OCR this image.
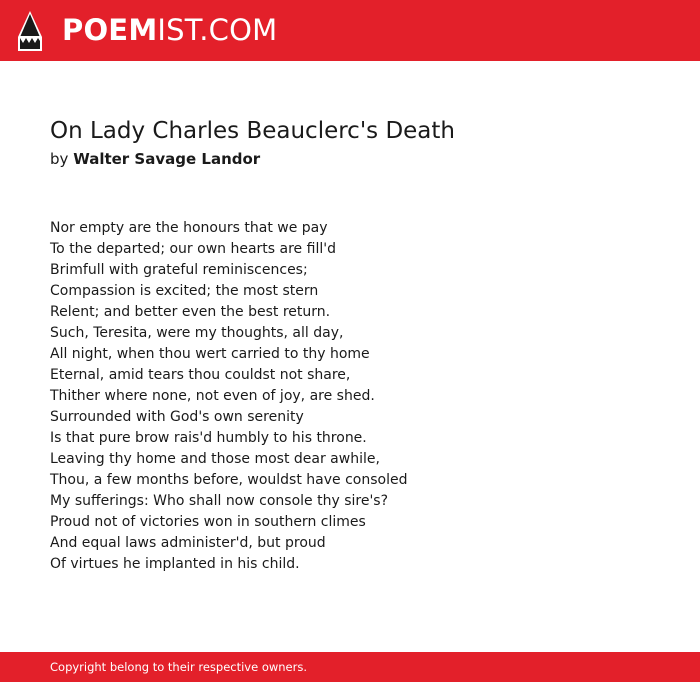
POEMIST.COM
On Lady Charles Beauclerc's Death
by Walter Savage Landor
Nor empty are the honours that we pay
To the departed; our own hearts are fill'd
Brimfull with grateful reminiscences;
Compassion is excited; the most stern
Relent; and better even the best return.
Such, Teresita, were my thoughts, all day,
All night, when thou wert carried to thy home
Eternal, amid tears thou couldst not share,
Thither where none, not even of joy, are shed.
Surrounded with God's own serenity
Is that pure brow rais'd humbly to his throne.
Leaving thy home and those most dear awhile,
Thou, a few months before, wouldst have consoled
My sufferings: Who shall now console thy sire's?
Proud not of victories won in southern climes
And equal laws administer'd, but proud
Of virtues he implanted in his child.
Copyright belong to their respective owners.
